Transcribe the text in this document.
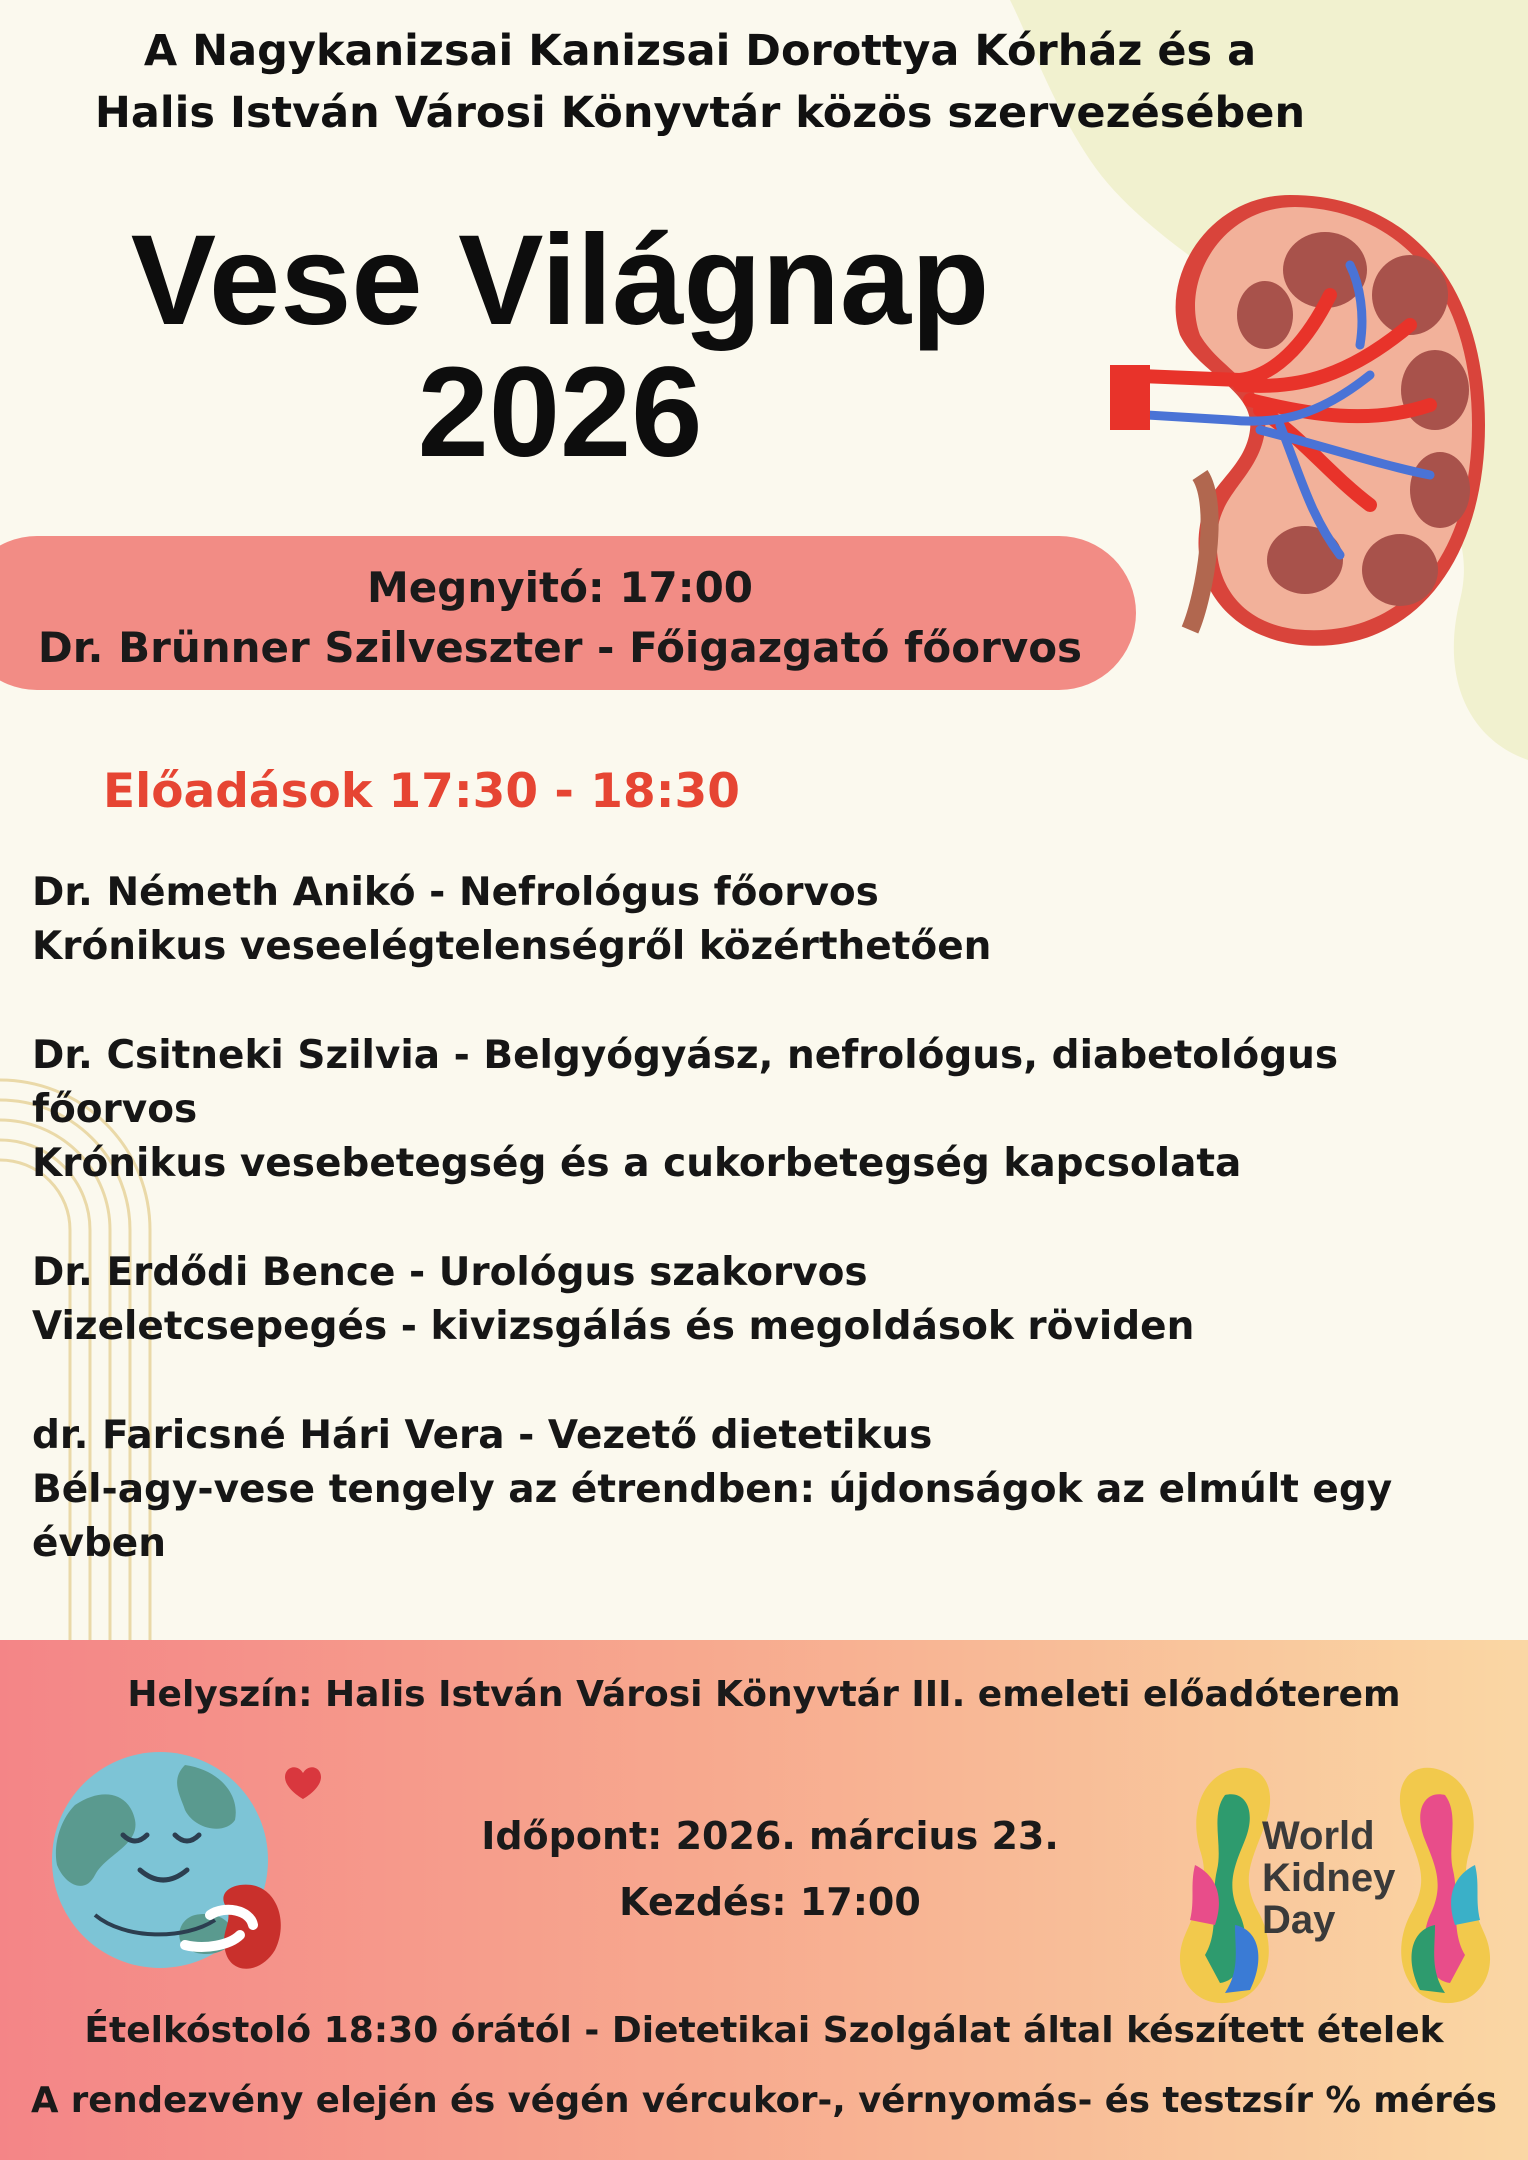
A Nagykanizsai Kanizsai Dorottya Kórház és a
Halis István Városi Könyvtár közös szervezésében
Vese Világnap
2026
Megnyitó: 17:00
Dr. Brünner Szilveszter - Főigazgató főorvos
Előadások 17:30 - 18:30
Dr. Németh Anikó - Nefrológus főorvos
Krónikus veseelégtelenségről közérthetően
Dr. Csitneki Szilvia - Belgyógyász, nefrológus, diabetológus
főorvos
Krónikus vesebetegség és a cukorbetegség kapcsolata
Dr. Erdődi Bence - Urológus szakorvos
Vizeletcsepegés - kivizsgálás és megoldások röviden
dr. Faricsné Hári Vera - Vezető dietetikus
Bél-agy-vese tengely az étrendben: újdonságok az elmúlt egy
évben
Helyszín: Halis István Városi Könyvtár III. emeleti előadóterem
Időpont: 2026. március 23.
Kezdés: 17:00
Ételkóstoló 18:30 órától - Dietetikai Szolgálat által készített ételek
A rendezvény elején és végén vércukor-, vérnyomás- és testzsír % mérés
World
Kidney
Day
